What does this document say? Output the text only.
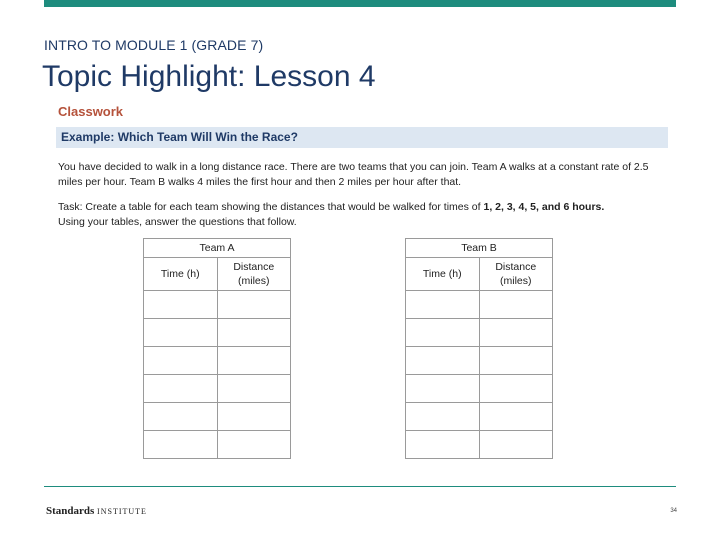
INTRO TO MODULE 1 (GRADE 7)
Topic Highlight: Lesson 4
Classwork
Example: Which Team Will Win the Race?
You have decided to walk in a long distance race. There are two teams that you can join. Team A walks at a constant rate of 2.5 miles per hour. Team B walks 4 miles the first hour and then 2 miles per hour after that.
Task: Create a table for each team showing the distances that would be walked for times of 1, 2, 3, 4, 5, and 6 hours.
Using your tables, answer the questions that follow.
Team A	
Time (h)	Distance
(miles)

Team B	
Time (h)	Distance
(miles)

Standards INSTITUTE	34
